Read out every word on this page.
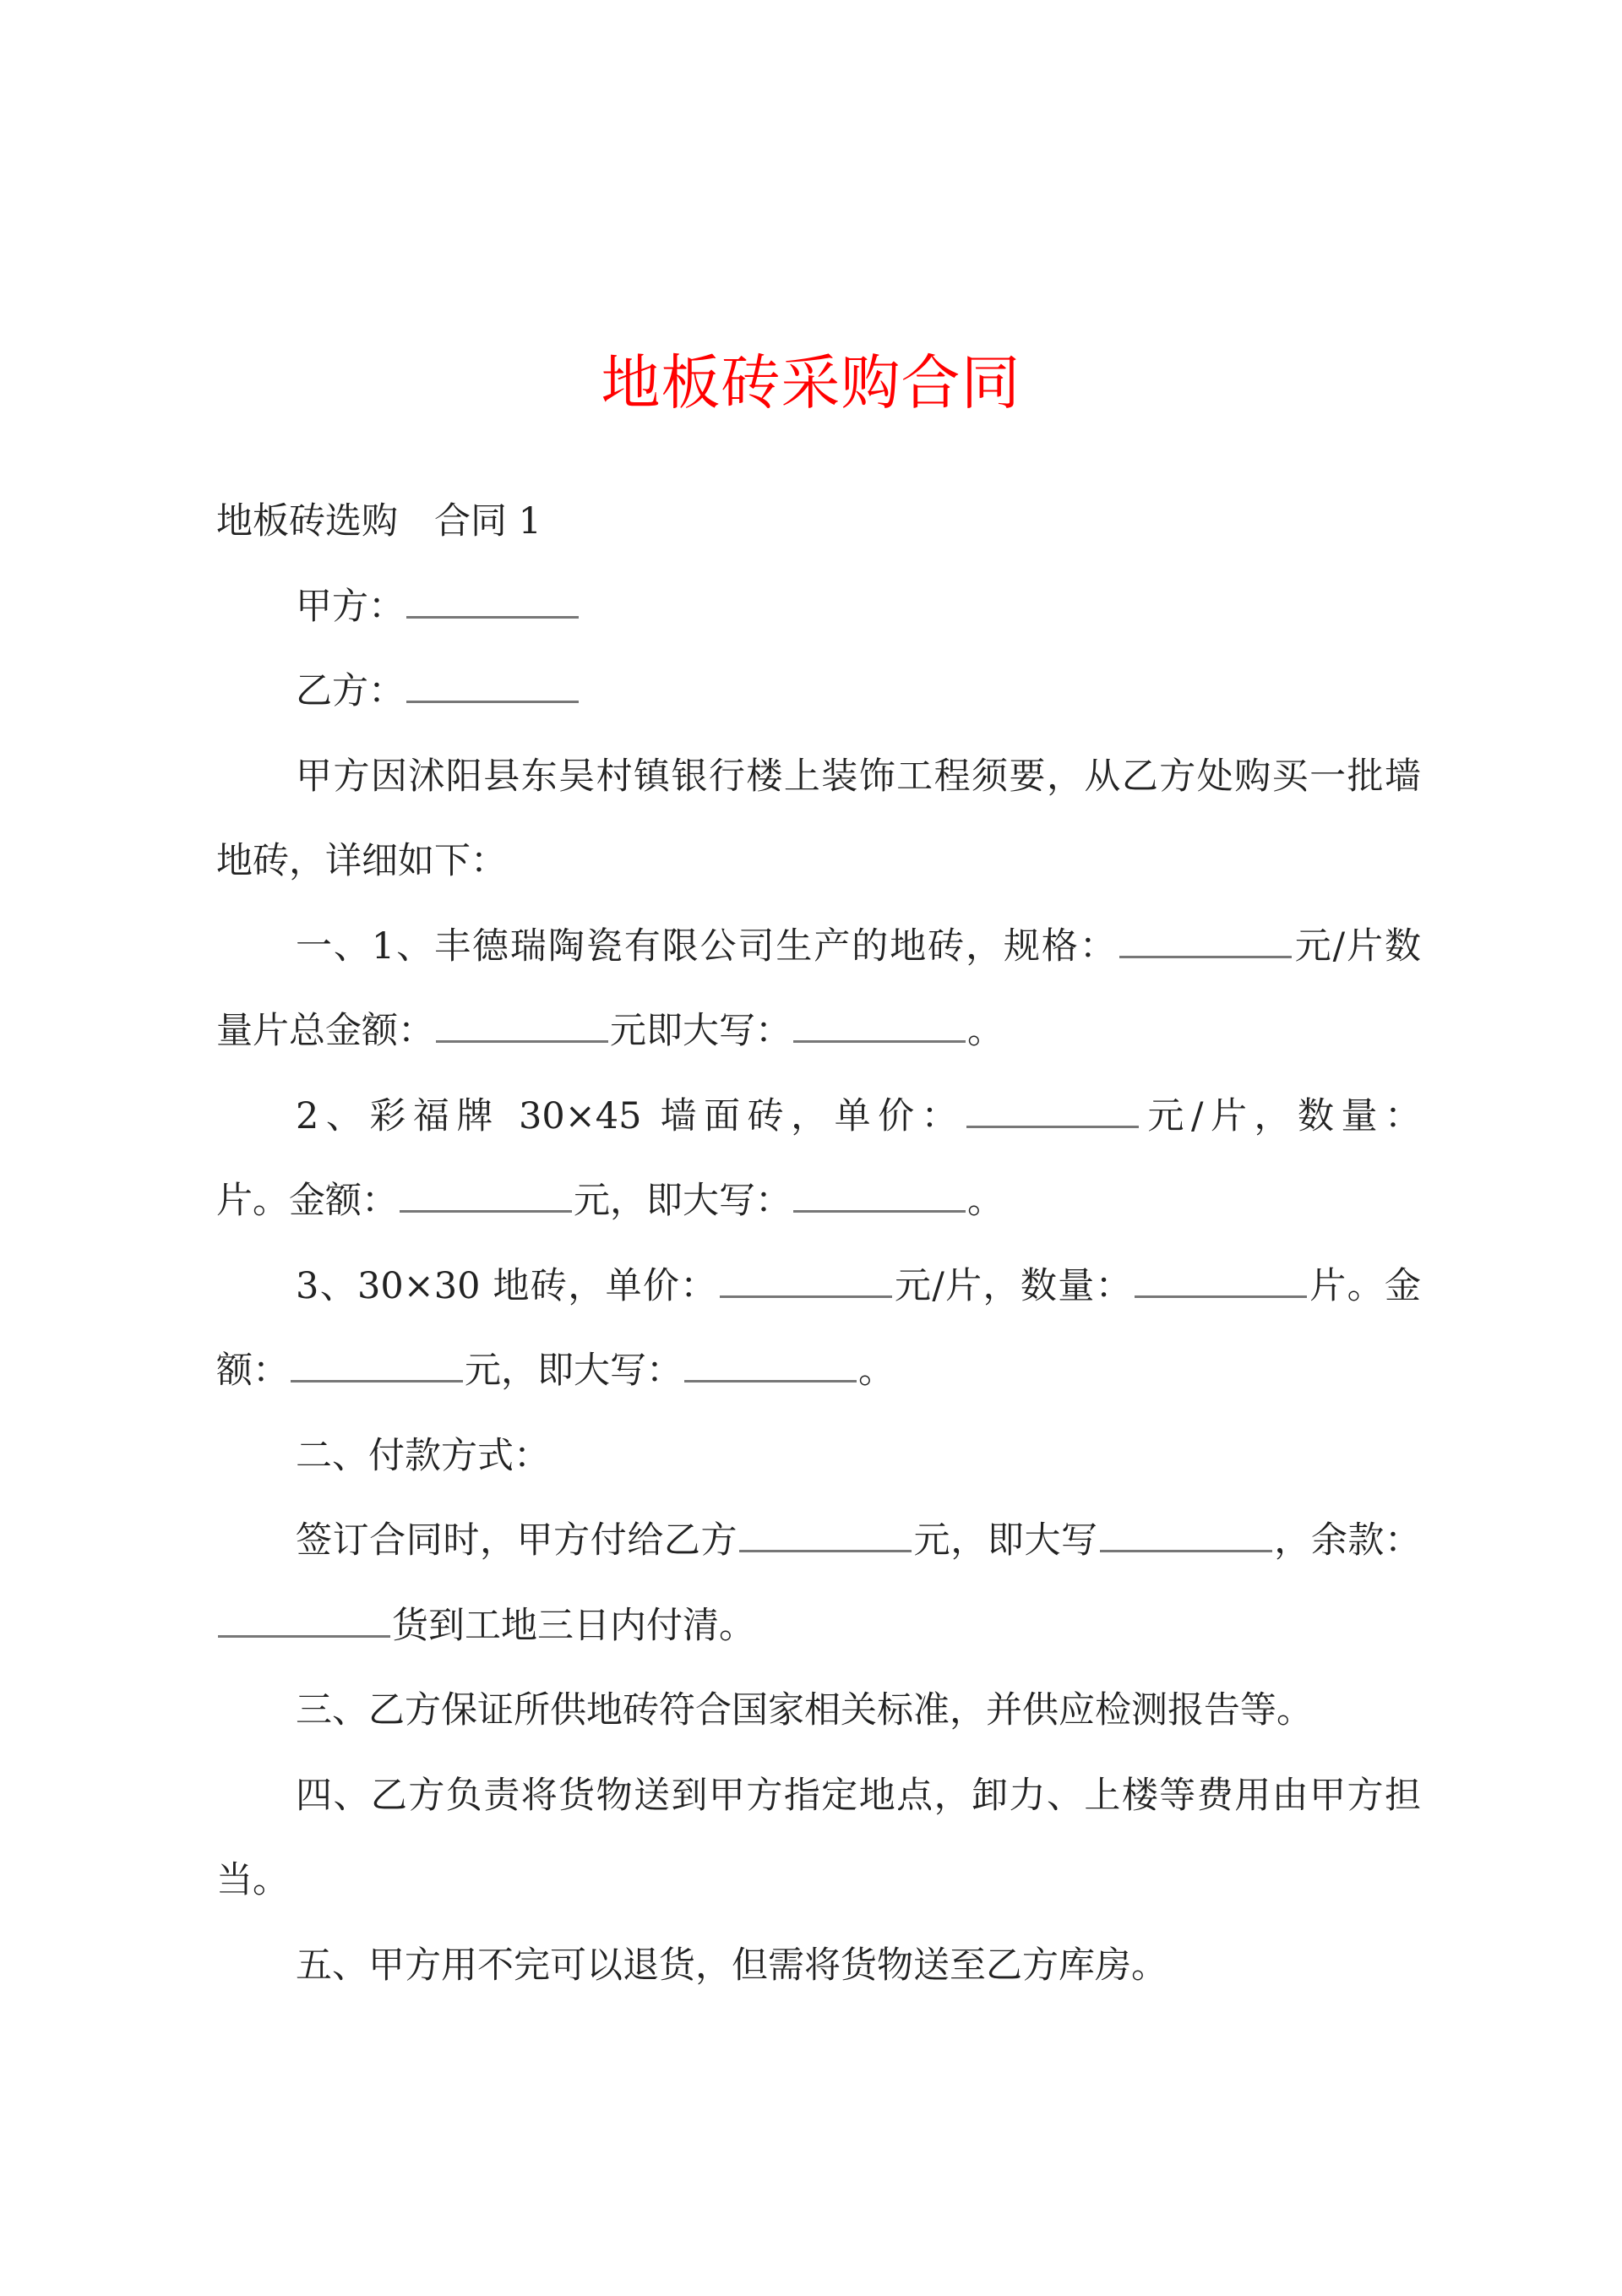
地板砖采购合同
地板砖选购　合同 1
甲方：
乙方：
甲方因沭阳县东吴村镇银行楼上装饰工程须要，从乙方处购买一批墙
地砖，详细如下：
一、1、丰德瑞陶瓷有限公司生产的地砖，规格：	元/片数
量片总金额：	元即大写：	。
2、彩福牌 30×45 墙面砖，单价：	元/片，数量：
片。金额：	元，即大写：	。
3、30×30 地砖，单价：	元/片，数量：	片。金
额：	元，即大写：	。
二、付款方式：
签订合同时，甲方付给乙方	元，即大写	，余款：
货到工地三日内付清。
三、乙方保证所供地砖符合国家相关标准，并供应检测报告等。
四、乙方负责将货物送到甲方指定地点，卸力、上楼等费用由甲方担
当。
五、甲方用不完可以退货，但需将货物送至乙方库房。
